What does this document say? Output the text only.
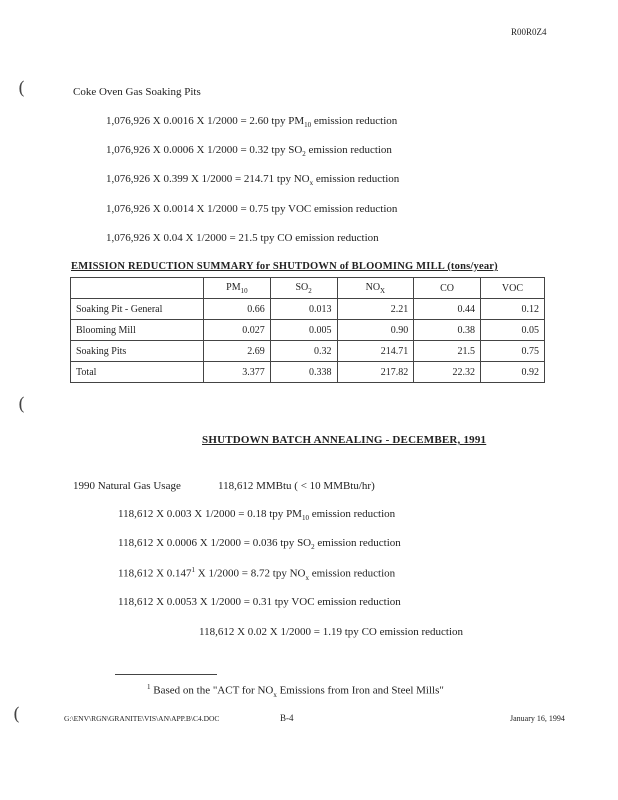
R00R0Z4
(
(
(
Coke Oven Gas Soaking Pits
1,076,926 X 0.0016 X 1/2000 = 2.60 tpy $PM_{10}$ emission reduction
1,076,926 X 0.0006 X 1/2000 = 0.32 tpy $SO_2$ emission reduction
1,076,926 X 0.399 X 1/2000 = 214.71 tpy $NO_x$ emission reduction
1,076,926 X 0.0014 X 1/2000 = 0.75 tpy VOC emission reduction
1,076,926 X 0.04 X 1/2000 = 21.5 tpy CO emission reduction
EMISSION REDUCTION SUMMARY for SHUTDOWN of BLOOMING MILL (tons/year)
	$PM_{10}$	$SO_2$	$NO_X$	CO	VOC
Soaking Pit - General	0.66	0.013	2.21	0.44	0.12
Blooming Mill	0.027	0.005	0.90	0.38	0.05
Soaking Pits	2.69	0.32	214.71	21.5	0.75
Total	3.377	0.338	217.82	22.32	0.92
SHUTDOWN BATCH ANNEALING - DECEMBER, 1991
1990 Natural Gas Usage	118,612 MMBtu ( < 10 MMBtu/hr)
118,612 X 0.003 X 1/2000 = 0.18 tpy $PM_{10}$ emission reduction
118,612 X 0.0006 X 1/2000 = 0.036 tpy $SO_2$ emission reduction
118,612 X 0.147$^1$ X 1/2000 = 8.72 tpy $NO_x$ emission reduction
118,612 X 0.0053 X 1/2000 = 0.31 tpy VOC emission reduction
118,612 X 0.02 X 1/2000 = 1.19 tpy CO emission reduction
$^1$ Based on the "ACT for $NO_x$ Emissions from Iron and Steel Mills"
G:\ENV\RGN\GRANITE\VIS\AN\APP.B\C4.DOC	B-4	January 16, 1994
